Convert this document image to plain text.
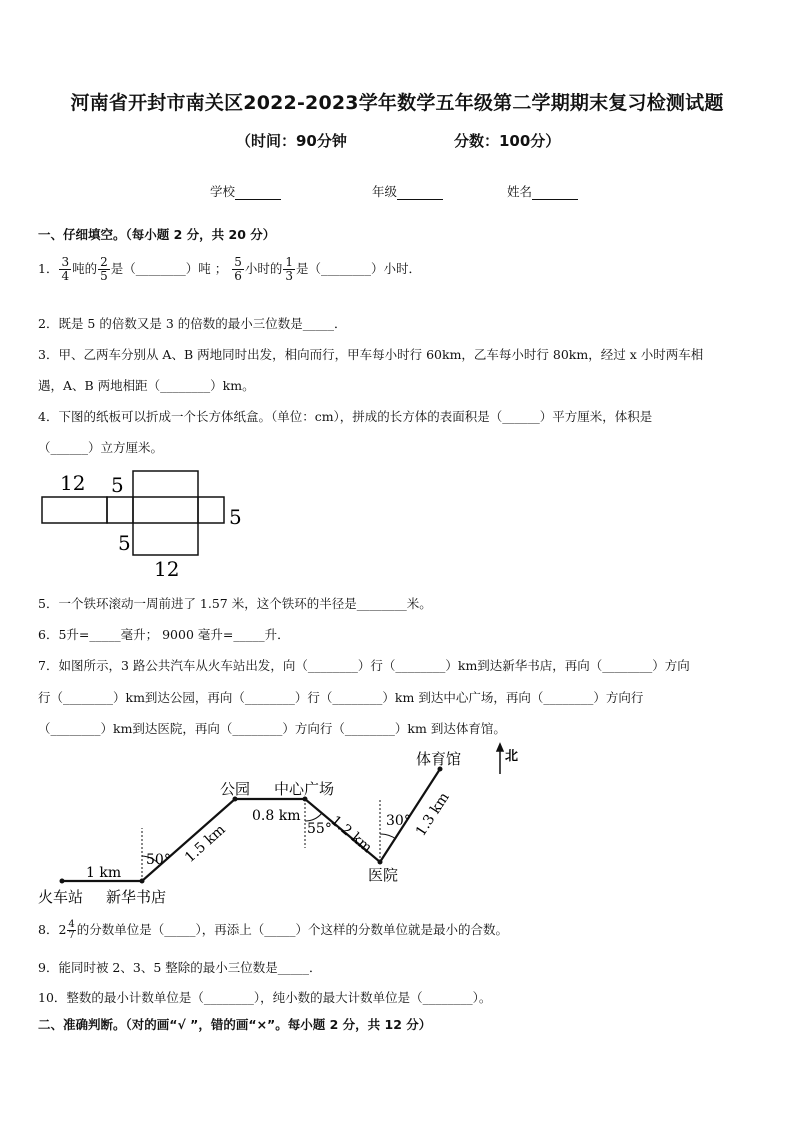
河南省开封市南关区2022-2023学年数学五年级第二学期期末复习检测试题
（时间：90分钟	分数：100分）
学校	年级	姓名
一、仔细填空。（每小题 2 分，共 20 分）
1． $\frac{3}{4}$ 吨的 $\frac{2}{5}$ 是（________）吨 ； $\frac{5}{6}$ 小时的 $\frac{1}{3}$ 是（________）小时．
2．既是 5 的倍数又是 3 的倍数的最小三位数是_____．
3．甲、乙两车分别从 A、B 两地同时出发，相向而行，甲车每小时行 60km，乙车每小时行 80km，经过 x 小时两车相
遇，A、B 两地相距（________）km。
4．下图的纸板可以折成一个长方体纸盒。（单位：cm），拼成的长方体的表面积是（______）平方厘米，体积是
（______）立方厘米。
12 5
5
5
12
5．一个铁环滚动一周前进了 1.57 米，这个铁环的半径是________米。
6．5升=_____毫升； 9000 毫升=_____升．
7．如图所示，3 路公共汽车从火车站出发，向（________）行（________）km到达新华书店，再向（________）方向
行（________）km到达公园，再向（________）行（________）km 到达中心广场，再向（________）方向行
（________）km到达医院，再向（________）方向行（________）km 到达体育馆。
北
体育馆
公园 中心广场
0.8 km
1.5 km	1.2 km	1.3 km
50°
55°	30°
1 km
火车站 新华书店
医院
8．$2 \frac{4}{7}$ 的分数单位是（_____），再添上（_____）个这样的分数单位就是最小的合数。
9．能同时被 2、3、5 整除的最小三位数是_____．
10．整数的最小计数单位是（________），纯小数的最大计数单位是（________）。
二、准确判断。（对的画“√ ”，错的画“×”。每小题 2 分，共 12 分）
